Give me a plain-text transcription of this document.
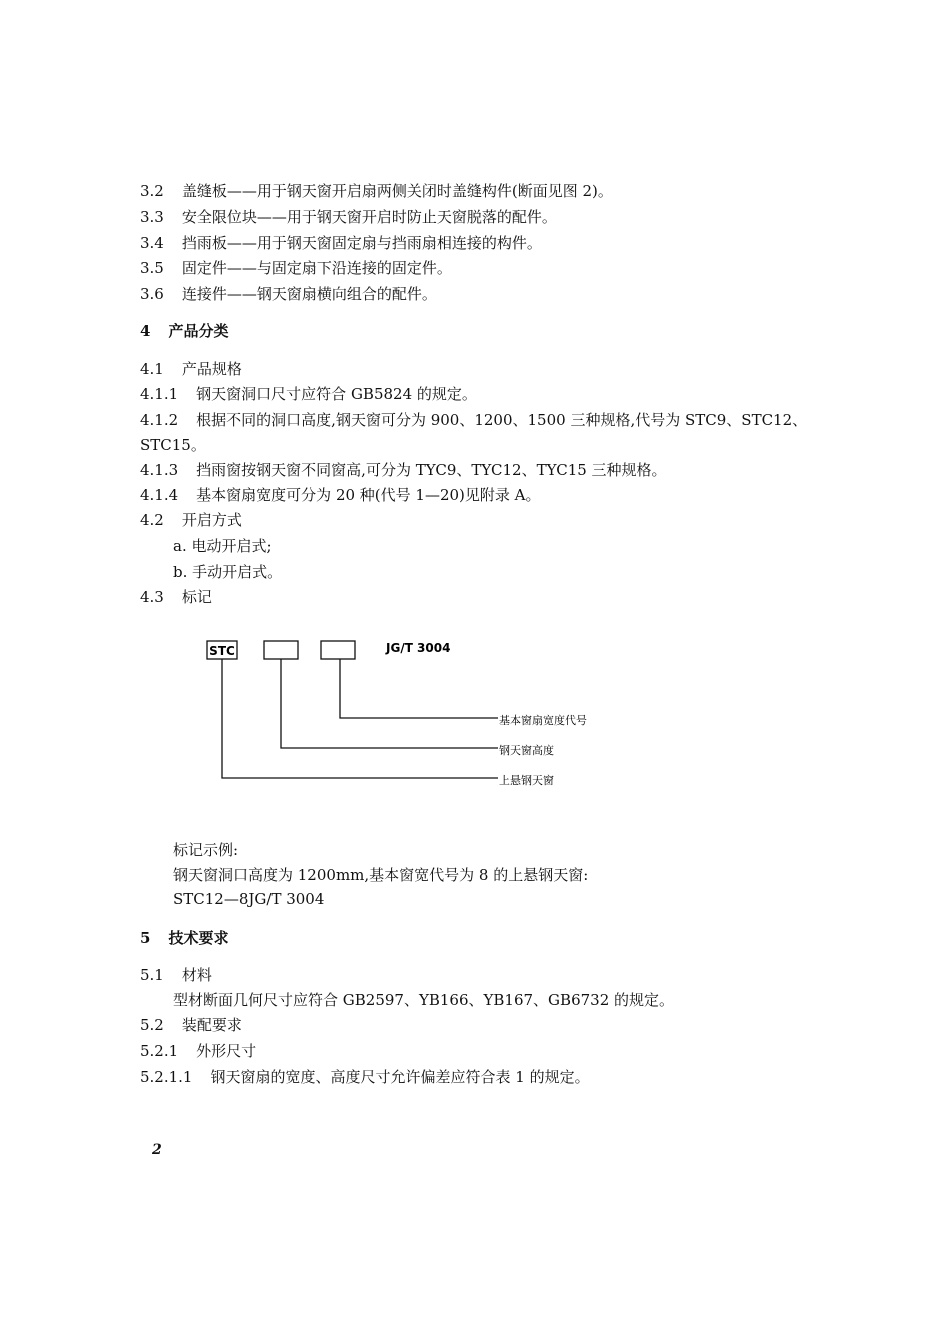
3.2 盖缝板——用于钢天窗开启扇两侧关闭时盖缝构件(断面见图 2)。
3.3 安全限位块——用于钢天窗开启时防止天窗脱落的配件。
3.4 挡雨板——用于钢天窗固定扇与挡雨扇相连接的构件。
3.5 固定件——与固定扇下沿连接的固定件。
3.6 连接件——钢天窗扇横向组合的配件。
4 产品分类
4.1 产品规格
4.1.1 钢天窗洞口尺寸应符合 GB5824 的规定。
4.1.2 根据不同的洞口高度,钢天窗可分为 900、1200、1500 三种规格,代号为 STC9、STC12、
STC15。
4.1.3 挡雨窗按钢天窗不同窗高,可分为 TYC9、TYC12、TYC15 三种规格。
4.1.4 基本窗扇宽度可分为 20 种(代号 1—20)见附录 A。
4.2 开启方式
a. 电动开启式;
b. 手动开启式。
4.3 标记
STC	JG/T 3004
基本窗扇宽度代号
钢天窗高度
上悬钢天窗
标记示例:
钢天窗洞口高度为 1200mm,基本窗宽代号为 8 的上悬钢天窗:
STC12—8JG/T 3004
5 技术要求
5.1 材料
型材断面几何尺寸应符合 GB2597、YB166、YB167、GB6732 的规定。
5.2 装配要求
5.2.1 外形尺寸
5.2.1.1 钢天窗扇的宽度、高度尺寸允许偏差应符合表 1 的规定。
2
